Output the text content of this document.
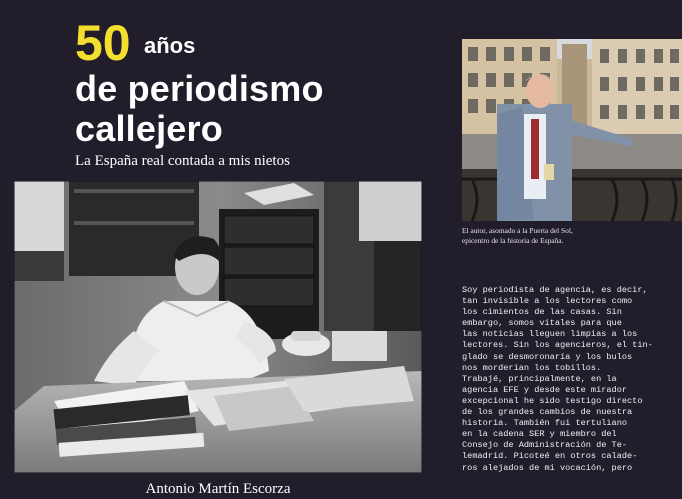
50 años
de periodismo
callejero
La España real contada a mis nietos
El autor, asomado a la Puerta del Sol,
epicentro de la historia de España.

Soy periodista de agencia, es decir,

tan invisible a los lectores como

los cimientos de las casas. Sin

embargo, somos vitales para que

las noticias lleguen limpias a los

lectores. Sin los agencieros, el tin-

glado se desmoronaría y los bulos

nos morderían los tobillos.

Trabajé, principalmente, en la

agencia EFE y desde este mirador

excepcional he sido testigo directo

de los grandes cambios de nuestra

historia. También fui tertuliano

en la cadena SER y miembro del

Consejo de Administración de Te-

lemadrid. Picoteé en otros calade-

ros alejados de mi vocación, pero

Antonio Martín Escorza
